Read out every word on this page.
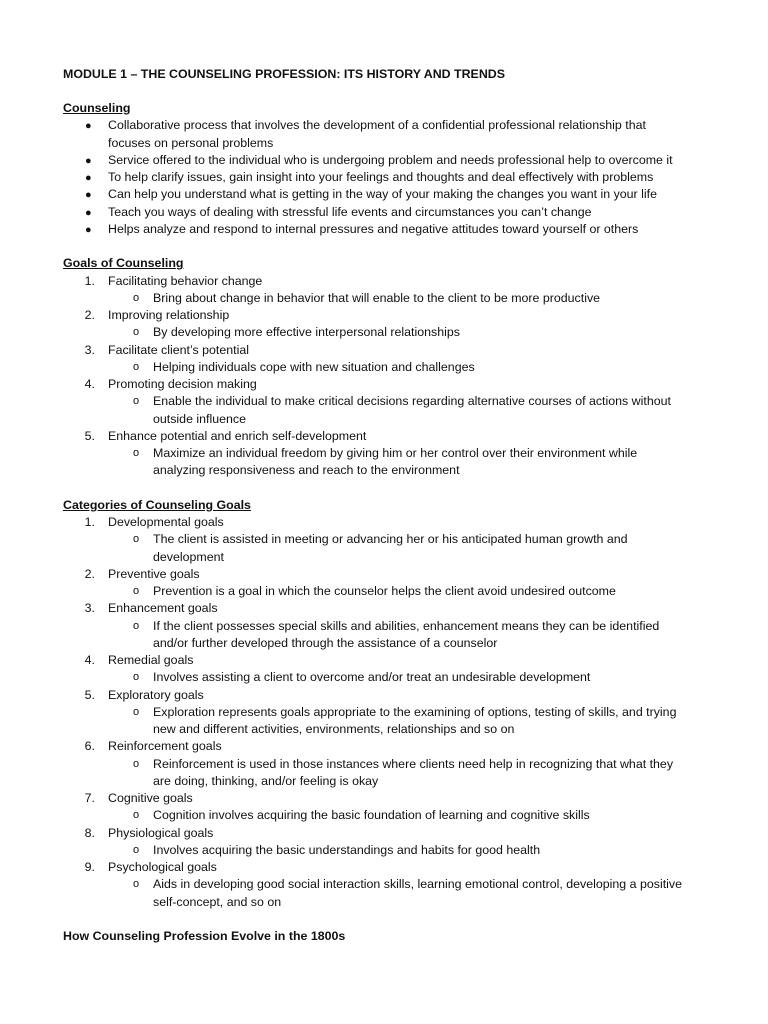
MODULE 1 – THE COUNSELING PROFESSION: ITS HISTORY AND TRENDS
Counseling
● Collaborative process that involves the development of a confidential professional relationship that
focuses on personal problems
● Service offered to the individual who is undergoing problem and needs professional help to overcome it
● To help clarify issues, gain insight into your feelings and thoughts and deal effectively with problems
● Can help you understand what is getting in the way of your making the changes you want in your life
● Teach you ways of dealing with stressful life events and circumstances you can’t change
● Helps analyze and respond to internal pressures and negative attitudes toward yourself or others
Goals of Counseling
1. Facilitating behavior change
o Bring about change in behavior that will enable to the client to be more productive
2. Improving relationship
o By developing more effective interpersonal relationships
3. Facilitate client’s potential
o Helping individuals cope with new situation and challenges
4. Promoting decision making
o Enable the individual to make critical decisions regarding alternative courses of actions without
outside influence
5. Enhance potential and enrich self-development
o Maximize an individual freedom by giving him or her control over their environment while
analyzing responsiveness and reach to the environment
Categories of Counseling Goals
1. Developmental goals
o The client is assisted in meeting or advancing her or his anticipated human growth and
development
2. Preventive goals
o Prevention is a goal in which the counselor helps the client avoid undesired outcome
3. Enhancement goals
o If the client possesses special skills and abilities, enhancement means they can be identified
and/or further developed through the assistance of a counselor
4. Remedial goals
o Involves assisting a client to overcome and/or treat an undesirable development
5. Exploratory goals
o Exploration represents goals appropriate to the examining of options, testing of skills, and trying
new and different activities, environments, relationships and so on
6. Reinforcement goals
o Reinforcement is used in those instances where clients need help in recognizing that what they
are doing, thinking, and/or feeling is okay
7. Cognitive goals
o Cognition involves acquiring the basic foundation of learning and cognitive skills
8. Physiological goals
o Involves acquiring the basic understandings and habits for good health
9. Psychological goals
o Aids in developing good social interaction skills, learning emotional control, developing a positive
self-concept, and so on
How Counseling Profession Evolve in the 1800s
